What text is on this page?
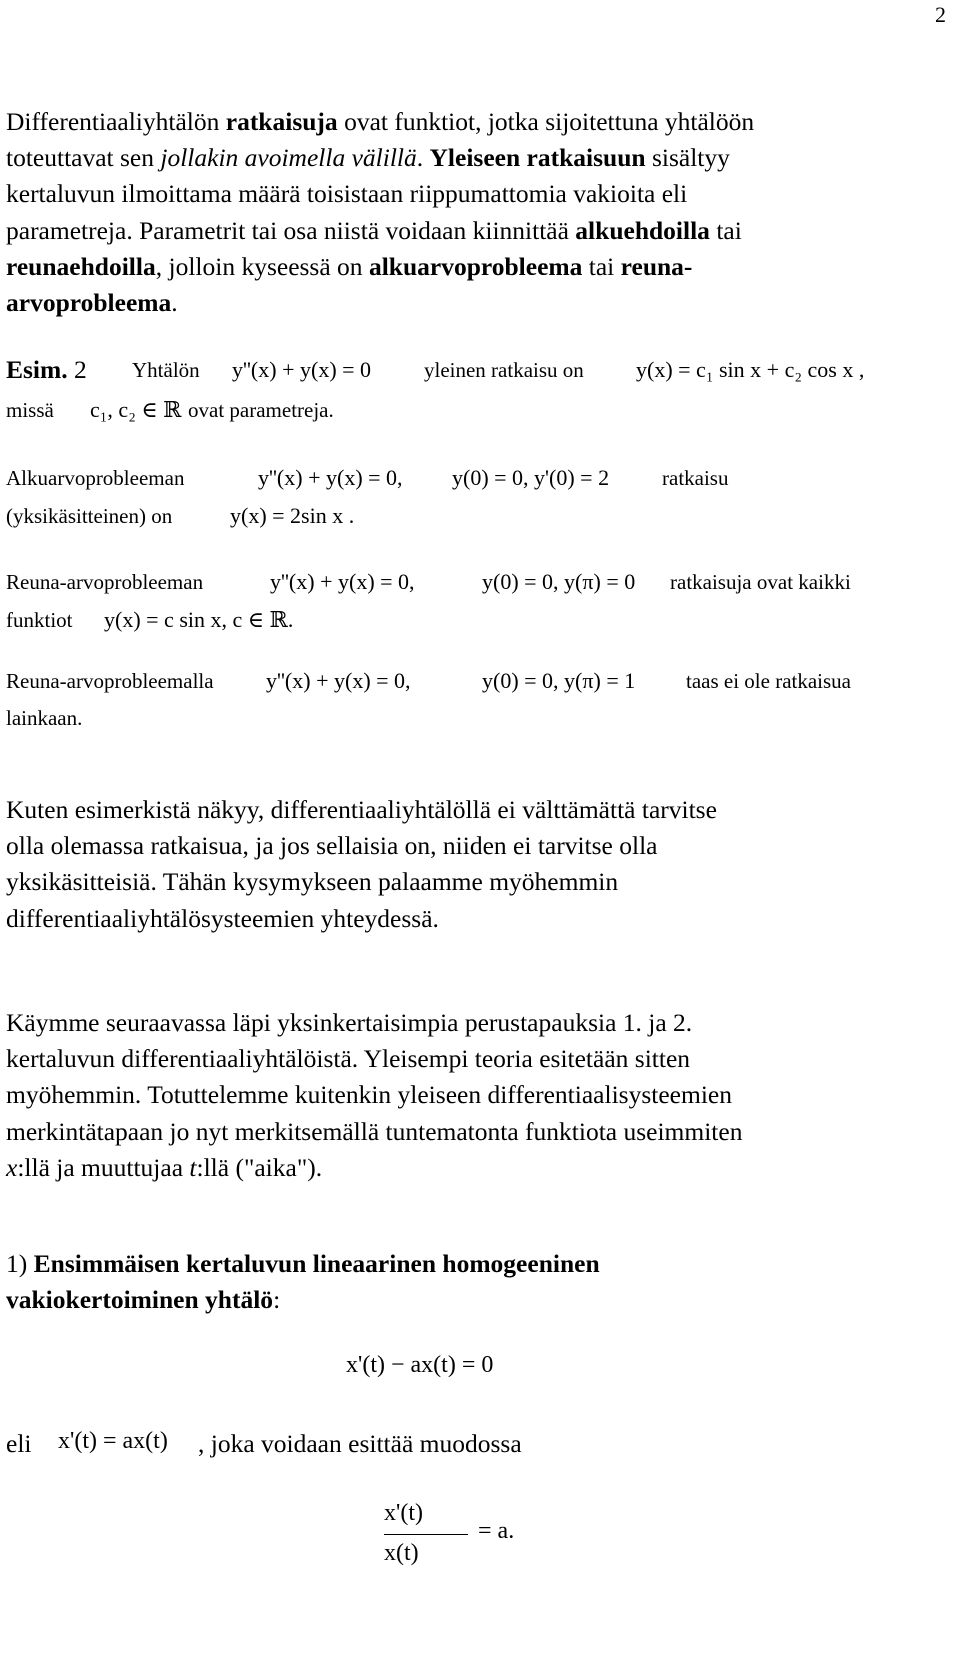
2
Differentiaaliyhtälön ratkaisuja ovat funktiot, jotka sijoitettuna yhtälöön
toteuttavat sen jollakin avoimella välillä. Yleiseen ratkaisuun sisältyy
kertaluvun ilmoittama määrä toisistaan riippumattomia vakioita eli
parametreja. Parametrit tai osa niistä voidaan kiinnittää alkuehdoilla tai
reunaehdoilla, jolloin kyseessä on alkuarvoprobleema tai reuna-
arvoprobleema.
Esim. 2 Yhtälön y''(x) + y(x) = 0	yleinen ratkaisu on y(x) = c₁ sin x + c₂ cos x ,
missä c₁, c₂ ∈ ℝ ovat parametreja.
Alkuarvoprobleeman	y''(x) + y(x) = 0, y(0) = 0, y'(0) = 2	ratkaisu
(yksikäsitteinen) on	y(x) = 2sin x .
Reuna-arvoprobleeman	y''(x) + y(x) = 0,	y(0) = 0, y(π) = 0 ratkaisuja ovat kaikki
funktiot y(x) = c sin x, c ∈ ℝ.
Reuna-arvoprobleemalla y''(x) + y(x) = 0,	y(0) = 0, y(π) = 1 taas ei ole ratkaisua
lainkaan.
Kuten esimerkistä näkyy, differentiaaliyhtälöllä ei välttämättä tarvitse
olla olemassa ratkaisua, ja jos sellaisia on, niiden ei tarvitse olla
yksikäsitteisiä. Tähän kysymykseen palaamme myöhemmin
differentiaaliyhtälösysteemien yhteydessä.
Käymme seuraavassa läpi yksinkertaisimpia perustapauksia 1. ja 2.
kertaluvun differentiaaliyhtälöistä. Yleisempi teoria esitetään sitten
myöhemmin. Totuttelemme kuitenkin yleiseen differentiaalisysteemien
merkintätapaan jo nyt merkitsemällä tuntematonta funktiota useimmiten
x:llä ja muuttujaa t:llä ("aika").
1) Ensimmäisen kertaluvun lineaarinen homogeeninen
vakiokertoiminen yhtälö:
x'(t) − ax(t) = 0
eli x'(t) = ax(t) , joka voidaan esittää muodossa
x'(t)
x(t)
= a.
